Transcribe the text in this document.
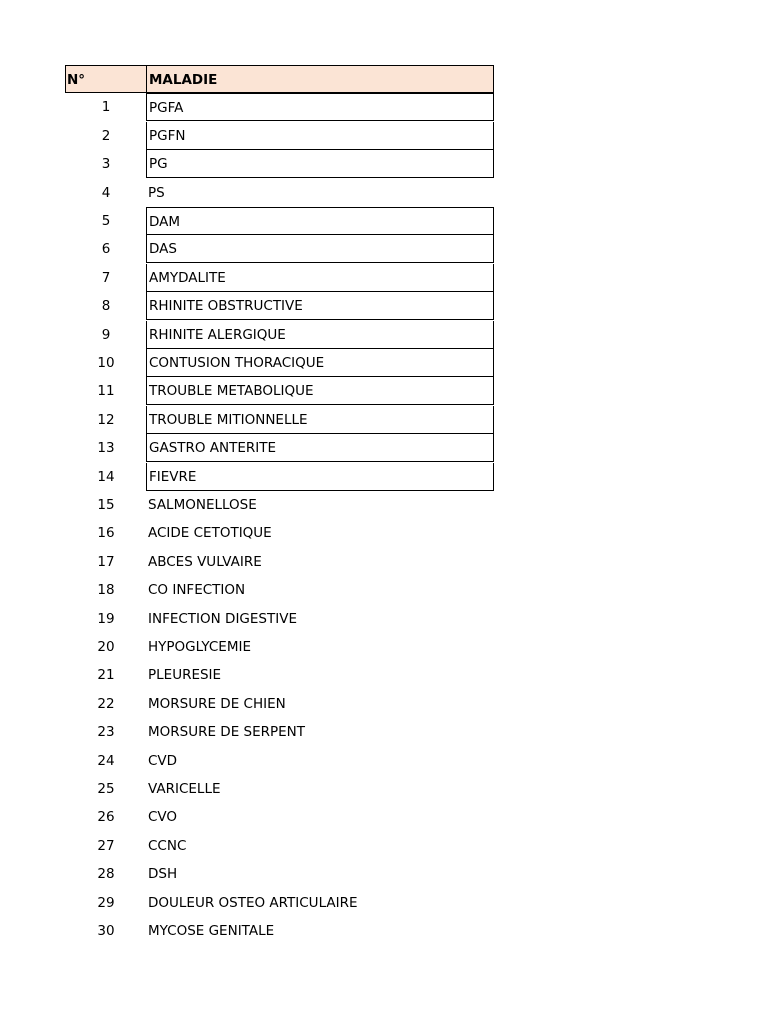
N°	MALADIE
1	PGFA
2	PGFN
3	PG
4	PS
5	DAM
6	DAS
7	AMYDALITE
8	RHINITE OBSTRUCTIVE
9	RHINITE ALERGIQUE
10	CONTUSION THORACIQUE
11	TROUBLE METABOLIQUE
12	TROUBLE MITIONNELLE
13	GASTRO ANTERITE
14	FIEVRE
15	SALMONELLOSE
16	ACIDE CETOTIQUE
17	ABCES VULVAIRE
18	CO INFECTION
19	INFECTION DIGESTIVE
20	HYPOGLYCEMIE
21	PLEURESIE
22	MORSURE DE CHIEN
23	MORSURE DE SERPENT
24	CVD
25	VARICELLE
26	CVO
27	CCNC
28	DSH
29	DOULEUR OSTEO ARTICULAIRE
30	MYCOSE GENITALE
